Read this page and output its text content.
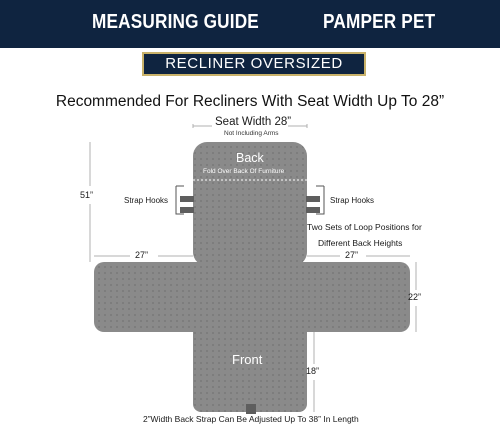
MEASURING GUIDE	PAMPER PET
RECLINER OVERSIZED
Recommended For Recliners With Seat Width Up To 28”
Seat Width 28”
Not Including Arms
Back
Fold Over Back Of Furniture
51”
Strap Hooks	Strap Hooks
Two Sets of Loop Positions for
Different Back Heights
27”	27”
22”
Front
18”
2”Width Back Strap Can Be Adjusted Up To 38” In Length
